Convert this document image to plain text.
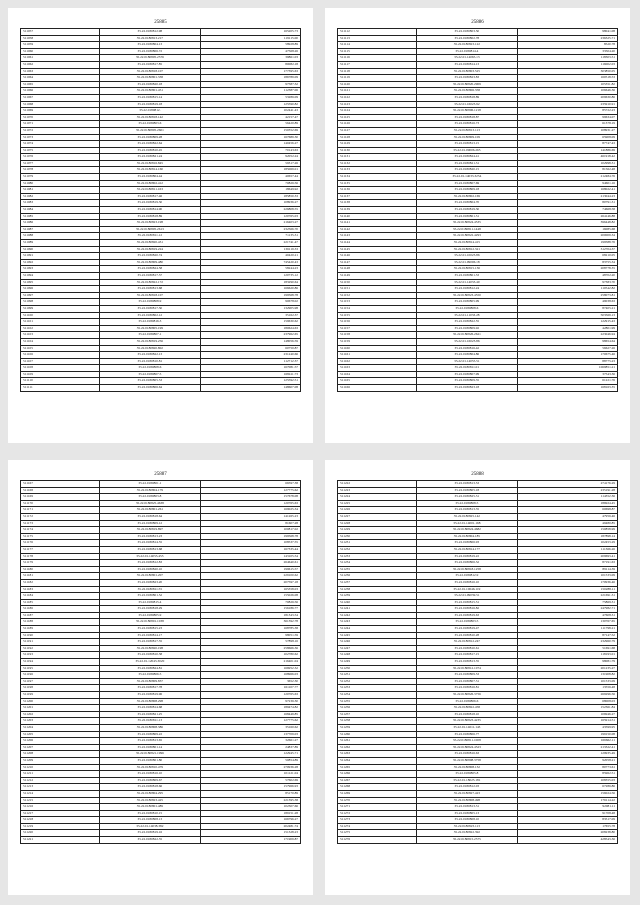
25885
511057	35.22.0180812.98	165205.73
511058	35.22.0180813.217	119115.00
511059	35.22.0180804.13	58928.89
511060	35.22.0180806.72	47568.26
511061	35.22.0180805.2576	39861.03
511062	35.22.0180817.85	80082.18
511063	35.22.0180818.107	177395.63
511064	35.22.0180801.338	186789.09
511065	35.22.0180820.18	97587.32
511066	35.22.0180801.451	112387.06
511067	35.22.0180815.14	53286.09
511068	35.22.0180819.18	125590.82
511069	35.22.0180812.	102441.43
511070	35.22.0180818.142	42157.47
511071	35.22.0180803.6	56420.89
511072	35.22.0180805.2601	150352.69
511073	35.22.0180809.28	167689.30
511074	35.22.0180822.64	140456.27
511075	35.22.0180810.45	70143.63
511076	35.22.0180821.24	92052.24
511077	35.22.0180816.845	59317.26
511078	35.22.0180814.160	185069.01
511079	35.22.0180804.44	40657.44
511080	35.22.0180802.412	70826.56
511081	35.22.0180811.163	18649.92
511082	35.22.0180817.46	185850.33
511083	35.22.0180819.30	108936.27
511084	35.22.0180814.90	226808.55
511085	35.22.0180818.89	120765.03
511086	35.22.0180823.198	216403.27
511087	35.22.0180805.2613	232566.70
511088	35.22.0180811.12	71135.31
511089	35.22.0180820.431	221741.47
511090	35.22.0180819.224	136119.33
511091	35.22.0180820.74	40420.21
511092	35.22.0180809.480	745420.43
511093	35.22.0180824.58	58244.23
511094	35.22.0180817.37	120735.12
511095	35.22.0180822.172	183290.64
511096	35.22.0180813.68	166620.86
511097	35.22.0180818.107	199568.78
511098	35.22.0180808.9	90678.02
511099	35.22.0180817.30	132905.98
511100	35.22.0180802.12	35162.37
511101	35.22.0180816.3	159630.62
511102	35.22.0180805.199	180624.63
511103	35.22.0180807.1	237962.65
511104	35.22.0180819.256	148056.59
511105	35.22.0180820.802	60750.87
511106	35.22.0180822.13	231240.66
511107	35.22.0180810.81	112712.37
511108	35.22.0180808.6	167081.57
511109	35.22.0180807.5	168411.73
511110	35.22.0180805.53	125592.51
511111	35.22.0180806.64	148607.08
25886
511112	35.22.0180803.50	98041.08
511113	35.22.0180802.78	236325.71
511114	35.22.0180823.122	8520.78
511115	35.22.0180814.4	33504.20
511116	35.22.01.14065.13	118303.51
511117	35.22.0180814.13	116002.03
511118	35.22.0180803.525	303850.05
511119	35.22.0180823.83	160518.53
511120	35.22.0180820.2909	105351.82
511121	35.22.0180806.358	106646.36
511122	35.22.0180818.89	209630.86
511123	35.22.01.16023.92	235910.91
511124	35.22.0180806.1218	85722.23
511125	35.22.0180818.87	99634.07
511126	35.22.0180816.73	61378.19
511127	35.22.0180813.113	108931.27
511128	35.22.0180809.109	65908.09
511129	35.22.0180813.15	87747.43
511130	35.22.01.09006.265	141886.69
511131	35.22.0180824.41	461918.42
511132	35.22.0180821.31	102998.31
511133	35.22.0180820.15	81562.48
511134	35.22.01.14033.3254	212484.76
511135	35.22.0180807.69	94601.16
511136	35.22.0180809.18	168022.41
511137	35.22.0180802.169	213044.23
511138	35.22.0180804.70	80791.31
511139	35.22.0180819.30	74668.58
511140	35.22.0180801.31	264146.88
511141	35.22.0180824.4535	396448.82
511142	35.22.0180811.1448	16085.68
511143	35.22.0180822.4293	200009.34
511144	35.22.0180814.415	199588.76
511145	35.22.0180812.321	312704.37
511146	35.22.01.10023.86	68210.05
511147	35.22.01.09006.18	83755.34
511148	35.22.0180815.136	208778.35
511149	35.22.0180801.33	48702.20
511150	35.22.01.14033.40	97383.70
511151	35.22.0180812.24	110542.82
511152	35.22.0180823.4550	258073.81
511153	35.22.0180805.99	49038.63
511154	35.22.0180808.6	87405.21
511155	35.22.01.11033.28	503569.13
511156	35.22.0180822.55	122915.43
511157	35.22.0180809.92	42801.99
511158	35.22.0180826.2621	223046.94
511159	35.22.01.16023.86	98654.64
511160	35.22.0180816.42	56627.26
511161	35.22.0180804.86	170675.46
511162	35.22.01.14055.51	88775.23
511163	35.22.0180811.01	1069851.21
511164	35.22.0180807.99	37543.36
511165	35.22.0180809.35	61221.76
511166	35.22.0180823.18	168163.35
25887
511167	35.22.0180801.1	66597.38
511168	35.22.0180804.179	127775.62
511169	35.22.0180803.8	157678.08
511170	35.22.0180825.4638	120765.63
511171	35.22.0180801.261	169025.34
511172	35.22.0180818.64	141265.23
511173	35.22.0180809.12	81607.28
511174	35.22.0180819.897	100817.02
511175	35.22.0180813.23	199568.78
511176	35.22.0180814.55	108537.55
511177	35.22.0180813.68	167335.44
511178	35.22.01.14053.453	143105.54
511179	35.22.0180812.83	264640.61
511180	35.22.0180820.10	199615.57
511181	35.22.0180801.207	229100.62
511182	35.22.0180823.20	207597.18
511183	35.22.0180811.55	165358.03
511184	35.22.0180801.52	155026.08
511185	35.22.0180815.4	70826.56
511186	35.22.0180818.29	156186.77
511187	35.22.0180805.9	181343.54
511188	35.22.0180801.1038	361392.78
511189	35.22.0180815.23	168785.38
511190	35.22.0180814.17	98051.59
511191	35.22.0180817.35	57898.16
511192	35.22.0180820.198	258666.36
511193	35.22.0180810.38	102780.62
511194	35.22.01.12043.3020	216401.04
511195	35.22.0180824.81	166952.32
511196	35.22.0180806.5	168966.03
511197	35.22.0180809.837	3652.30
511198	35.22.0180817.78	161107.77
511199	35.22.0180819.96	120765.63
511200	35.22.0180808.298	97236.30
511201	35.22.0180814.68	189474.82
511202	35.22.0180821.25	168449.85
511203	35.22.0180811.13	127775.62
511204	35.22.0180808.386	35160.62
511205	35.22.0180809.22	137709.03
511206	35.22.0180813.65	32661.27
511207	35.22.0180801.14	24837.89
511208	35.22.0180821.1996	122945.71
511209	35.22.0180801.80	50854.89
511210	35.22.0180810.479	270936.28
511211	35.22.0180816.10	101121.04
511212	35.22.0180809.67	57602.69
511213	35.22.0180818.66	157966.93
511214	35.22.0180804.295	85170.89
511215	35.22.0180823.425	221395.38
511216	35.22.0180801.489	102307.66
511217	35.22.0180810.15	189151.28
511218	35.22.0180808.13	166796.27
511219	35.22.01.14038.382	202481.74
511220	35.22.0180819.16	151328.23
511221	35.22.0180822.35	171909.87
25888
511222	35.22.0180813.53	274176.29
511223	35.22.0180805.18	235191.28
511224	35.22.0180825.31	114352.36
511225	35.22.0180808.5	186924.45
511226	35.22.0180813.35	60698.87
511227	35.22.0180825.142	47956.46
511228	35.22.01.14001.168	49480.85
511229	35.22.0180824.4682	150858.99
511230	35.22.0180804.185	187898.14
511231	35.22.0180806.93	102453.29
511232	35.22.0180814.177	111366.26
511233	35.22.0180819.22	209693.41
511234	35.22.0180806.32	87191.63
511235	35.22.0180818.1258	89114.39
511236	35.22.0180812.9	101533.09
511237	35.22.0180816.10	170936.46
511238	35.22.01.10046.119	150288.11
511239	35.22.01.09039.51	221691.31
511240	35.22.0180815.31	75869.31
511241	35.22.0180816.82	247982.71
511242	35.22.0180819.63	47608.31
511243	35.22.0180803.5	130767.65
511244	35.22.0180819.47	111798.21
511245	35.22.0180810.28	87147.52
511246	35.22.0180812.247	232960.79
511247	35.22.0180810.61	51691.68
511248	35.22.0180817.15	118193.01
511249	35.22.0180813.35	98081.79
511250	35.22.0180812.1074	201235.27
511251	35.22.0180809.53	131908.82
511252	35.22.0180807.31	101533.09
511253	35.22.0180816.81	13556.48
511254	35.22.0180826.3756	269296.56
511255	35.22.0180806.6	68008.03
511256	35.22.0180822.458	152361.84
511257	35.22.0180818.10	106946.27
511258	35.22.0180823.4235	165914.51
511259	35.22.01.14011.143	43599.95
511260	35.22.0180806.77	199150.08
511261	35.22.0180811.1008	166662.11
511262	35.22.0180824.4523	213322.41
511263	35.22.0180816.63	129935.49
511264	35.22.0180808.3758	92058.21
511265	35.22.0180808.132	80773.61
511266	35.22.0180805.8	85962.51
511267	35.22.01.18023.181	108355.03
511268	35.22.0180812.03	67286.86
511269	35.22.0180827.423	156024.56
511270	35.22.0180808.498	176114.22
511271	35.22.0180813.31	92081.11
511272	35.22.0180805.13	91708.48
511273	35.22.0180808.10	83517.09
511274	35.22.0180823.113	17655.78
511275	35.22.0180822.392	208238.80
511276	35.22.0180815.2575	428543.36
